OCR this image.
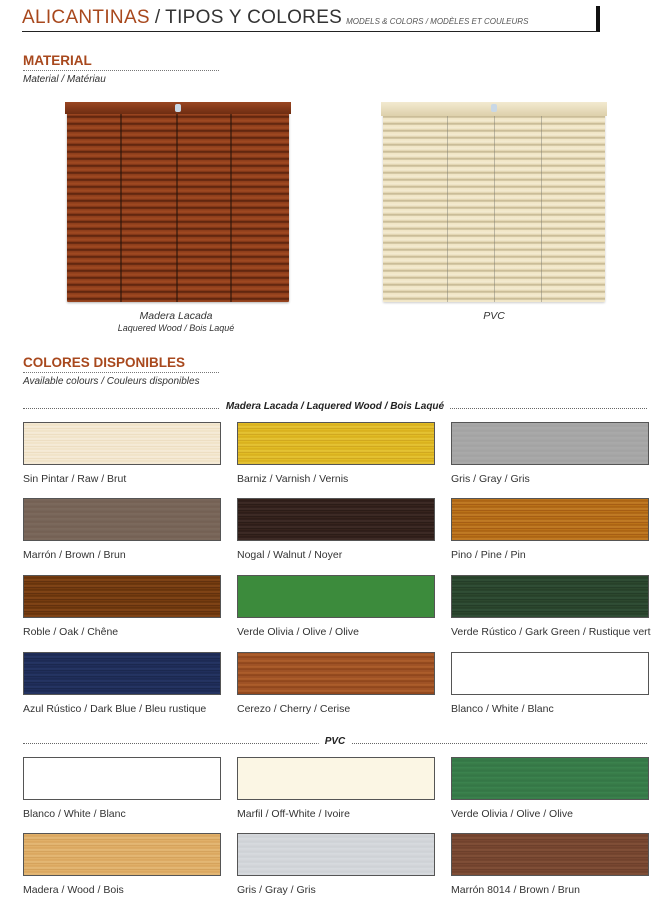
ALICANTINAS / TIPOS Y COLORES MODELS & COLORS / MODÈLES ET COULEURS
MATERIAL
Material / Matériau
Madera Lacada
Laquered Wood / Bois Laqué
PVC
COLORES DISPONIBLES
Available colours / Couleurs disponibles
Madera Lacada / Laquered Wood / Bois Laqué
Sin Pintar / Raw / Brut	Barniz / Varnish / Vernis	Gris / Gray / Gris
Marrón / Brown / Brun	Nogal / Walnut / Noyer	Pino / Pine / Pin
Roble / Oak / Chêne	Verde Olivia / Olive / Olive	Verde Rústico / Gark Green / Rustique vert
Azul Rústico / Dark Blue / Bleu rustique	Cerezo / Cherry / Cerise	Blanco / White / Blanc
PVC
Blanco / White / Blanc	Marfil / Off-White / Ivoire	Verde Olivia / Olive / Olive
Madera / Wood / Bois	Gris / Gray / Gris	Marrón 8014 / Brown / Brun
